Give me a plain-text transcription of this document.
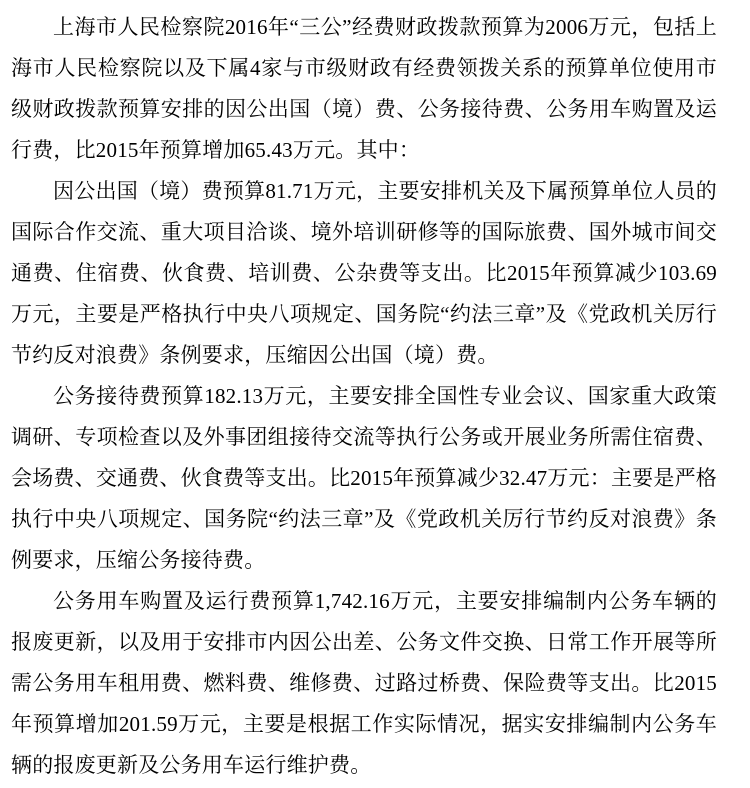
上海市人民检察院2016年“三公”经费财政拨款预算为2006万元，包括上海市人民检察院以及下属4家与市级财政有经费领拨关系的预算单位使用市级财政拨款预算安排的因公出国（境）费、公务接待费、公务用车购置及运行费，比2015年预算增加65.43万元。其中：

因公出国（境）费预算81.71万元，主要安排机关及下属预算单位人员的国际合作交流、重大项目洽谈、境外培训研修等的国际旅费、国外城市间交通费、住宿费、伙食费、培训费、公杂费等支出。比2015年预算减少103.69万元，主要是严格执行中央八项规定、国务院“约法三章”及《党政机关厉行节约反对浪费》条例要求，压缩因公出国（境）费。

公务接待费预算182.13万元，主要安排全国性专业会议、国家重大政策调研、专项检查以及外事团组接待交流等执行公务或开展业务所需住宿费、会场费、交通费、伙食费等支出。比2015年预算减少32.47万元：主要是严格执行中央八项规定、国务院“约法三章”及《党政机关厉行节约反对浪费》条例要求，压缩公务接待费。

公务用车购置及运行费预算1,742.16万元，主要安排编制内公务车辆的报废更新，以及用于安排市内因公出差、公务文件交换、日常工作开展等所需公务用车租用费、燃料费、维修费、过路过桥费、保险费等支出。比2015年预算增加201.59万元，主要是根据工作实际情况，据实安排编制内公务车辆的报废更新及公务用车运行维护费。
